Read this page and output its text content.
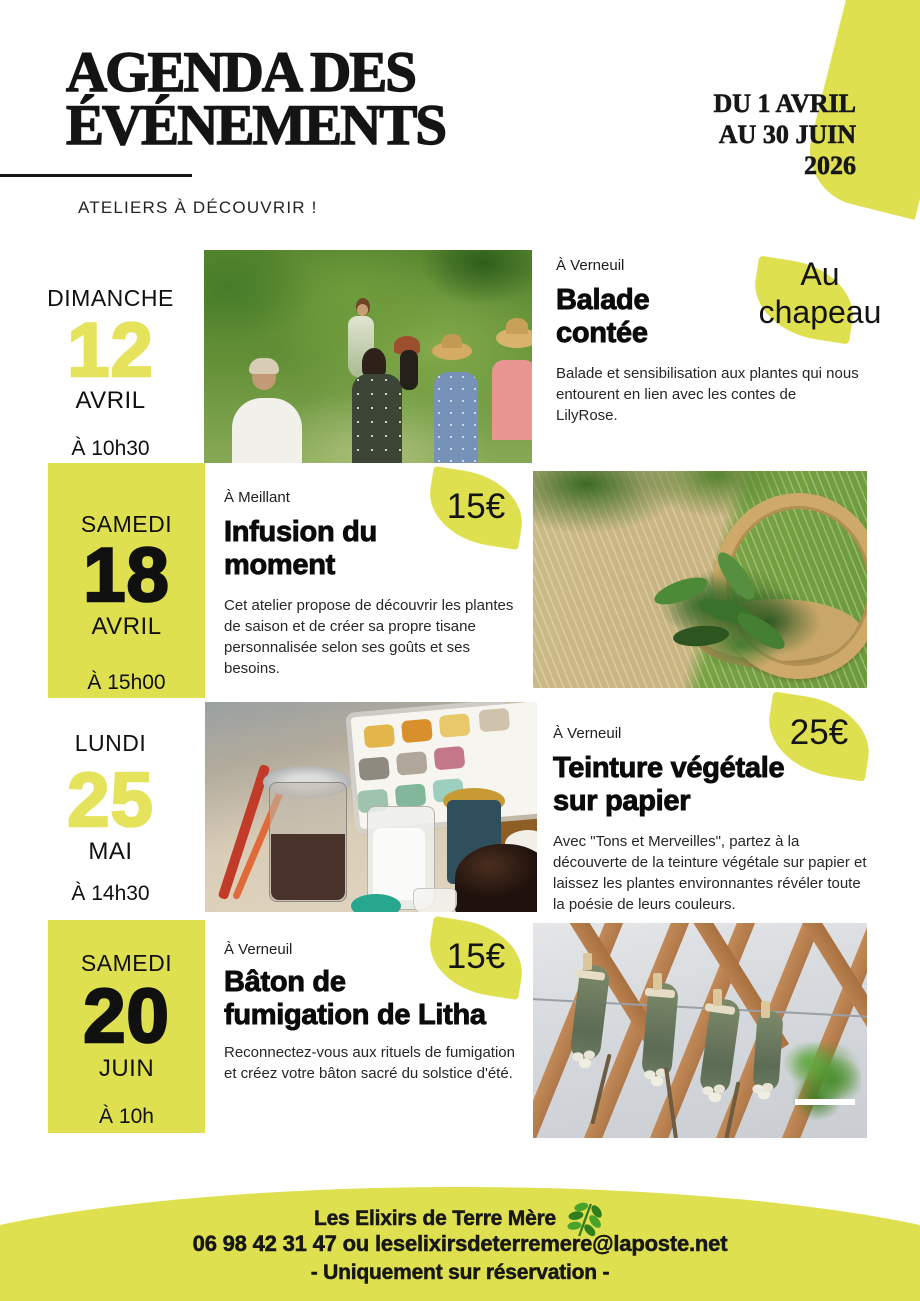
AGENDA DES
ÉVÉNEMENTS
ATELIERS À DÉCOUVRIR !
DU 1 AVRIL
AU 30 JUIN
2026
DIMANCHE
12
AVRIL
À 10h30
À Verneuil
Balade
contée
Balade et sensibilisation aux plantes qui nous entourent en lien avec les contes de LilyRose.
Au chapeau
SAMEDI
18
AVRIL
À 15h00
À Meillant
Infusion du
moment
Cet atelier propose de découvrir les plantes de saison et de créer sa propre tisane personnalisée selon ses goûts et ses besoins.
15€
LUNDI
25
MAI
À 14h30
À Verneuil
Teinture végétale
sur papier
Avec "Tons et Merveilles", partez à la découverte de la teinture végétale sur papier et laissez les plantes environnantes révéler toute la poésie de leurs couleurs.
25€
SAMEDI
20
JUIN
À 10h
À Verneuil
Bâton de
fumigation de Litha
Reconnectez-vous aux rituels de fumigation et créez votre bâton sacré du solstice d'été.
15€
Les Elixirs de Terre Mère
06 98 42 31 47 ou leselixirsdeterremere@laposte.net
- Uniquement sur réservation -
